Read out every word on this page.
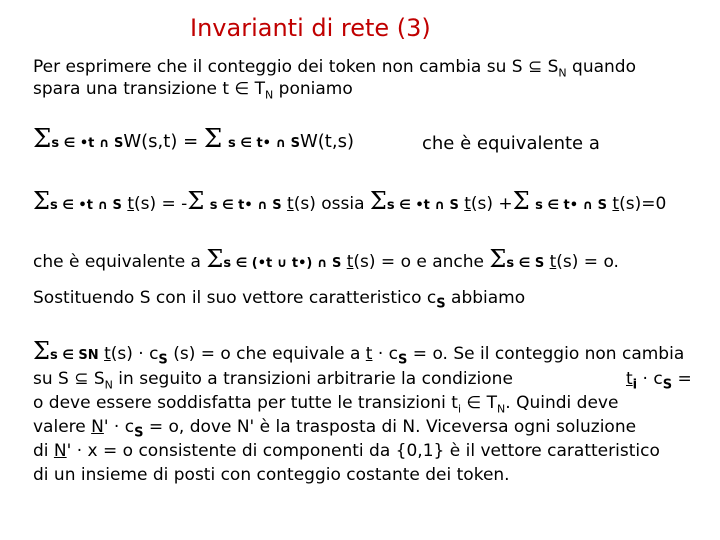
Invarianti di rete (3)
Per esprimere che il conteggio dei token non cambia su S ⊆ $S_N$ quando
spara una transizione t ∈ $T_N$ poniamo
Σs ∈ •t ∩ SW(s,t) = Σ s ∈ t• ∩ SW(t,s)	che è equivalente a
Σs ∈ •t ∩ S t(s) = -Σ s ∈ t• ∩ S t(s) ossia Σs ∈ •t ∩ S t(s) +Σ s ∈ t• ∩ S t(s)=0
che è equivalente a Σs ∈ (•t ∪ t•) ∩ S t(s) = o e anche Σs ∈ S t(s) = o.
Sostituendo S con il suo vettore caratteristico $c_S$ abbiamo
Σs ∈ SN $t(s) \cdot c_S$ (s) = o che equivale a $t \cdot c_S = o$. Se il conteggio non cambia
su S ⊆ $S_N$ in seguito a transizioni arbitrarie la condizione	$t_i \cdot c_S$ =
o deve essere soddisfatta per tutte le transizioni $t_i$ ∈ $T_N$. Quindi deve
valere $N' \cdot c_S = o$, dove N' è la trasposta di N. Viceversa ogni soluzione
di N' · x = o consistente di componenti da {0,1} è il vettore caratteristico
di un insieme di posti con conteggio costante dei token.
